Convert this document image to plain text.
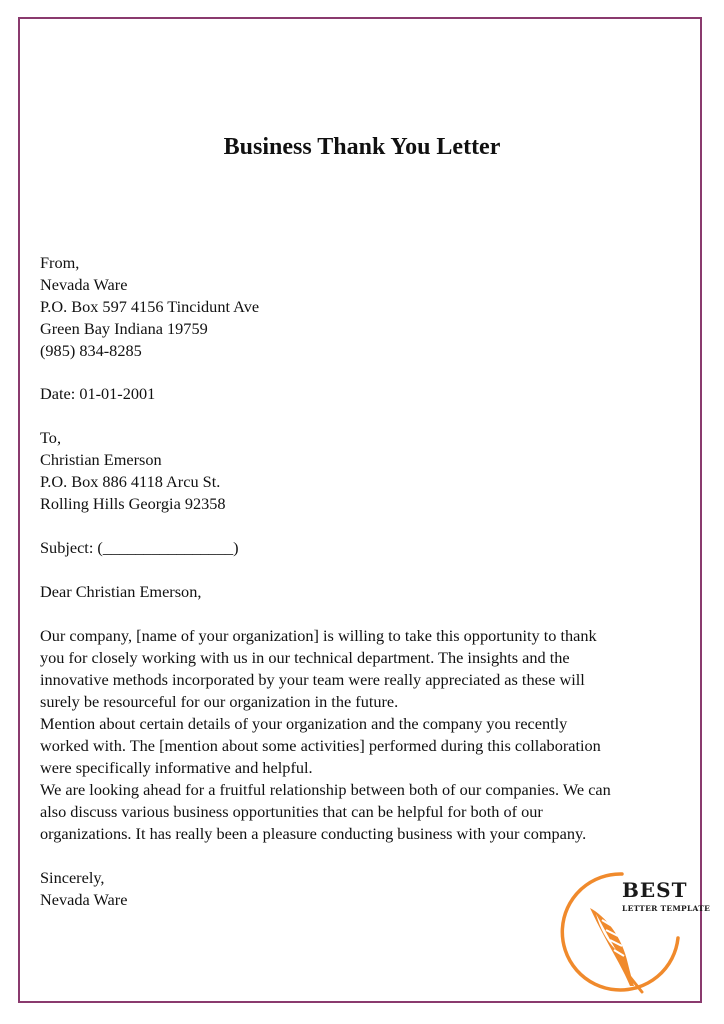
Business Thank You Letter
From,
Nevada Ware
P.O. Box 597 4156 Tincidunt Ave
Green Bay Indiana 19759
(985) 834-8285
Date: 01-01-2001
To,
Christian Emerson
P.O. Box 886 4118 Arcu St.
Rolling Hills Georgia 92358
Subject: (________________)
Dear Christian Emerson,
Our company, [name of your organization] is willing to take this opportunity to thank
you for closely working with us in our technical department. The insights and the
innovative methods incorporated by your team were really appreciated as these will
surely be resourceful for our organization in the future.
Mention about certain details of your organization and the company you recently
worked with. The [mention about some activities] performed during this collaboration
were specifically informative and helpful.
We are looking ahead for a fruitful relationship between both of our companies. We can
also discuss various business opportunities that can be helpful for both of our
organizations. It has really been a pleasure conducting business with your company.
Sincerely,
Nevada Ware	BEST
LETTER TEMPLATE
